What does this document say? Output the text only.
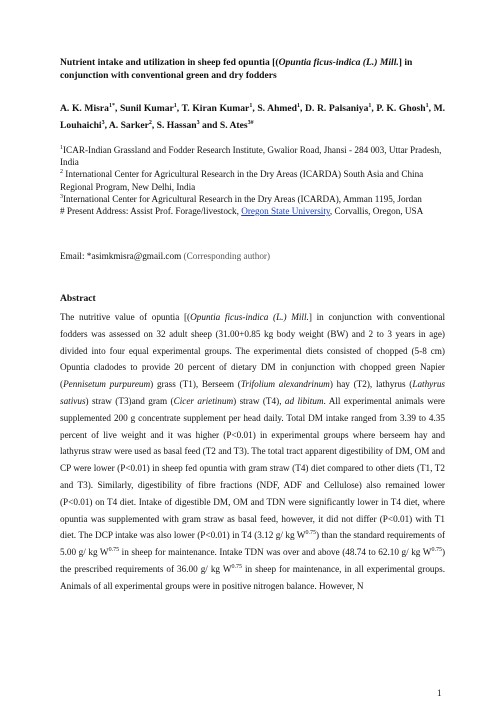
Nutrient intake and utilization in sheep fed opuntia [(Opuntia ficus-indica (L.) Mill.] in conjunction with conventional green and dry fodders
A. K. Misra$^{1*}$, Sunil Kumar$^1$, T. Kiran Kumar$^1$, S. Ahmed$^1$, D. R. Palsaniya$^1$, P. K. Ghosh$^1$, M. Louhaichi$^3$, A. Sarker$^2$, S. Hassan$^3$ and S. Ates$^{3\#}$

$^1$ICAR-Indian Grassland and Fodder Research Institute, Gwalior Road, Jhansi - 284 003, Uttar Pradesh, India

$^2$ International Center for Agricultural Research in the Dry Areas (ICARDA) South Asia and China Regional Program, New Delhi, India

$^3$International Center for Agricultural Research in the Dry Areas (ICARDA), Amman 1195, Jordan

# Present Address: Assist Prof. Forage/livestock, Oregon State University, Corvallis, Oregon, USA

Email: *asimkmisra@gmail.com (Corresponding author)
Abstract

The nutritive value of opuntia [(Opuntia ficus-indica (L.) Mill.] in conjunction with conventional fodders was assessed on 32 adult sheep (31.00+0.85 kg body weight (BW) and 2 to 3 years in age) divided into four equal experimental groups. The experimental diets consisted of chopped (5-8 cm) Opuntia cladodes to provide 20 percent of dietary DM in conjunction with chopped green Napier (Pennisetum purpureum) grass (T1), Berseem (Trifolium alexandrinum) hay (T2), lathyrus (Lathyrus sativus) straw (T3)and gram (Cicer arietinum) straw (T4), ad libitum. All experimental animals were supplemented 200 g concentrate supplement per head daily. Total DM intake ranged from 3.39 to 4.35 percent of live weight and it was higher (P<0.01) in experimental groups where berseem hay and lathyrus straw were used as basal feed (T2 and T3). The total tract apparent digestibility of DM, OM and CP were lower (P<0.01) in sheep fed opuntia with gram straw (T4) diet compared to other diets (T1, T2 and T3). Similarly, digestibility of fibre fractions (NDF, ADF and Cellulose) also remained lower (P<0.01) on T4 diet. Intake of digestible DM, OM and TDN were significantly lower in T4 diet, where opuntia was supplemented with gram straw as basal feed, however, it did not differ (P<0.01) with T1 diet. The DCP intake was also lower (P<0.01) in T4 (3.12 g/ kg $W^{0.75}$) than the standard requirements of 5.00 g/ kg $W^{0.75}$ in sheep for maintenance. Intake TDN was over and above (48.74 to 62.10 g/ kg $W^{0.75}$) the prescribed requirements of 36.00 g/ kg $W^{0.75}$ in sheep for maintenance, in all experimental groups. Animals of all experimental groups were in positive nitrogen balance. However, N

1
